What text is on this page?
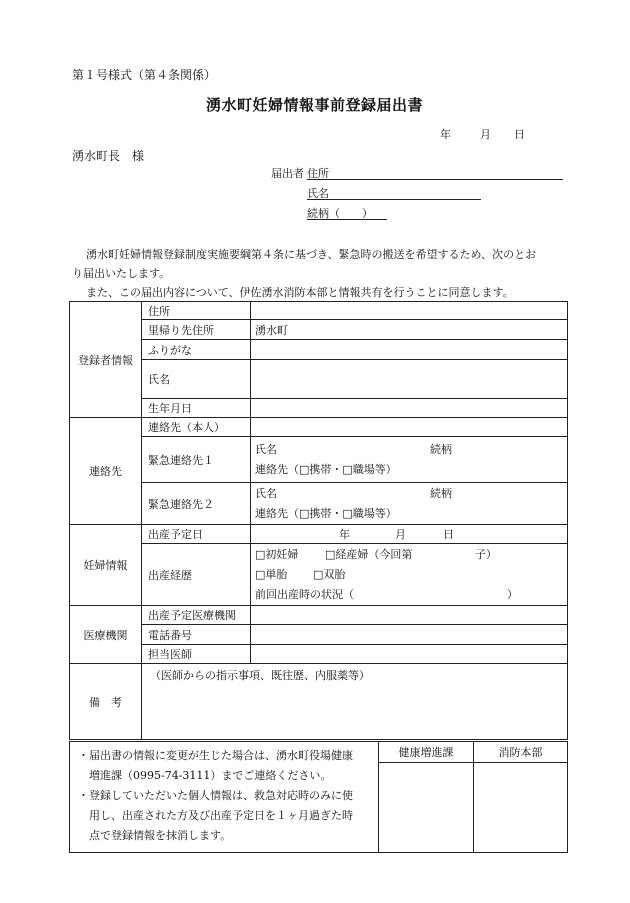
第１号様式（第４条関係）
湧水町妊婦情報事前登録届出書
年	月 日
湧水町長　様
届出者 住所
氏名
続柄（　　）
湧水町妊婦情報登録制度実施要綱第４条に基づき、緊急時の搬送を希望するため、次のとお
り届出いたします。
また、この届出内容について、伊佐湧水消防本部と情報共有を行うことに同意します。
登録者情報	住所	
	里帰り先住所	湧水町
	ふりがな	
	氏名	
	生年月日	
連絡先	連絡先（本人）	
	緊急連絡先１	氏名 続柄
連絡先（□携帯・□職場等）

	緊急連絡先２	氏名 続柄
連絡先（□携帯・□職場等）

妊婦情報	出産予定日	年 月 日
	出産経歴	□初妊婦 □経産婦（今回第 子）
□単胎 □双胎
前回出産時の状況（ ）

医療機関	出産予定医療機関	
	電話番号	
	担当医師	
備　考	（医師からの指示事項、既往歴、内服薬等）	
・届出書の情報に変更が生じた場合は、湧水町役場健康
　増進課（0995-74-3111）までご連絡ください。
・登録していただいた個人情報は、救急対応時のみに使
　用し、出産された方及び出産予定日を１ヶ月過ぎた時
　点で登録情報を抹消します。	健康増進課	消防本部
